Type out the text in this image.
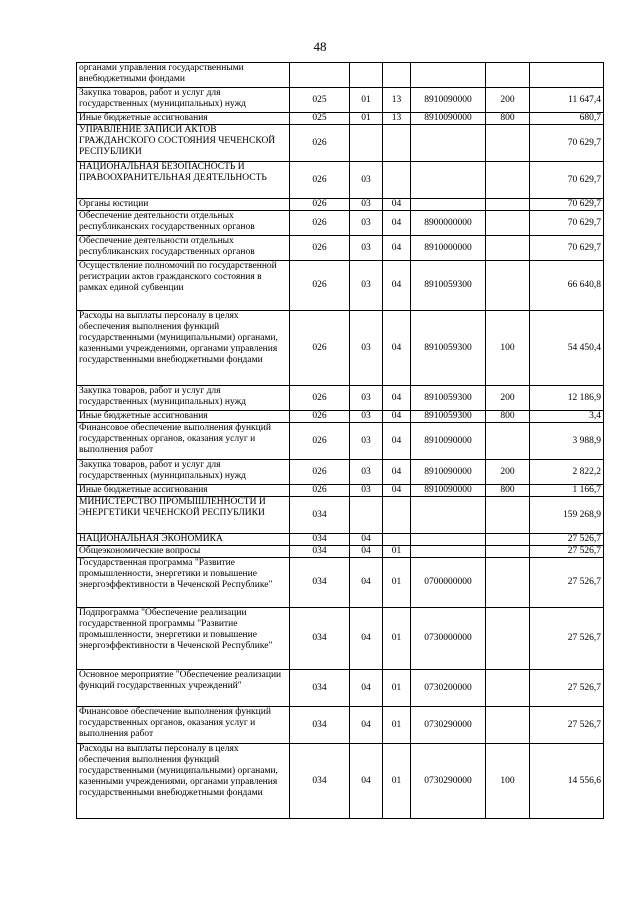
48
органами управления государственными внебюджетными фондами						
Закупка товаров, работ и услуг для государственных (муниципальных) нужд	025	01	13	8910090000	200	11 647,4
Иные бюджетные ассигнования	025	01	13	8910090000	800	680,7
УПРАВЛЕНИЕ ЗАПИСИ АКТОВ ГРАЖДАНСКОГО СОСТОЯНИЯ ЧЕЧЕНСКОЙ РЕСПУБЛИКИ	026					70 629,7
НАЦИОНАЛЬНАЯ БЕЗОПАСНОСТЬ И ПРАВООХРАНИТЕЛЬНАЯ ДЕЯТЕЛЬНОСТЬ	026	03				70 629,7
Органы юстиции	026	03	04			70 629,7
Обеспечение деятельности отдельных республиканских государственных органов	026	03	04	8900000000		70 629,7
Обеспечение деятельности отдельных республиканских государственных органов	026	03	04	8910000000		70 629,7
Осуществление полномочий по государственной регистрации актов гражданского состояния в рамках единой субвенции	026	03	04	8910059300		66 640,8
Расходы на выплаты персоналу в целях обеспечения выполнения функций государственными (муниципальными) органами, казенными учреждениями, органами управления государственными внебюджетными фондами	026	03	04	8910059300	100	54 450,4
Закупка товаров, работ и услуг для государственных (муниципальных) нужд	026	03	04	8910059300	200	12 186,9
Иные бюджетные ассигнования	026	03	04	8910059300	800	3,4
Финансовое обеспечение выполнения функций государственных органов, оказания услуг и выполнения работ	026	03	04	8910090000		3 988,9
Закупка товаров, работ и услуг для государственных (муниципальных) нужд	026	03	04	8910090000	200	2 822,2
Иные бюджетные ассигнования	026	03	04	8910090000	800	1 166,7
МИНИСТЕРСТВО ПРОМЫШЛЕННОСТИ И ЭНЕРГЕТИКИ ЧЕЧЕНСКОЙ РЕСПУБЛИКИ	034					159 268,9
НАЦИОНАЛЬНАЯ ЭКОНОМИКА	034	04				27 526,7
Общеэкономические вопросы	034	04	01			27 526,7
Государственная программа "Развитие промышленности, энергетики и повышение энергоэффективности в Чеченской Республике"	034	04	01	0700000000		27 526,7
Подпрограмма "Обеспечение реализации государственной программы "Развитие промышленности, энергетики и повышение энергоэффективности в Чеченской Республике"	034	04	01	0730000000		27 526,7
Основное мероприятие "Обеспечение реализации функций государственных учреждений"	034	04	01	0730200000		27 526,7
Финансовое обеспечение выполнения функций государственных органов, оказания услуг и выполнения работ	034	04	01	0730290000		27 526,7
Расходы на выплаты персоналу в целях обеспечения выполнения функций государственными (муниципальными) органами, казенными учреждениями, органами управления государственными внебюджетными фондами	034	04	01	0730290000	100	14 556,6
